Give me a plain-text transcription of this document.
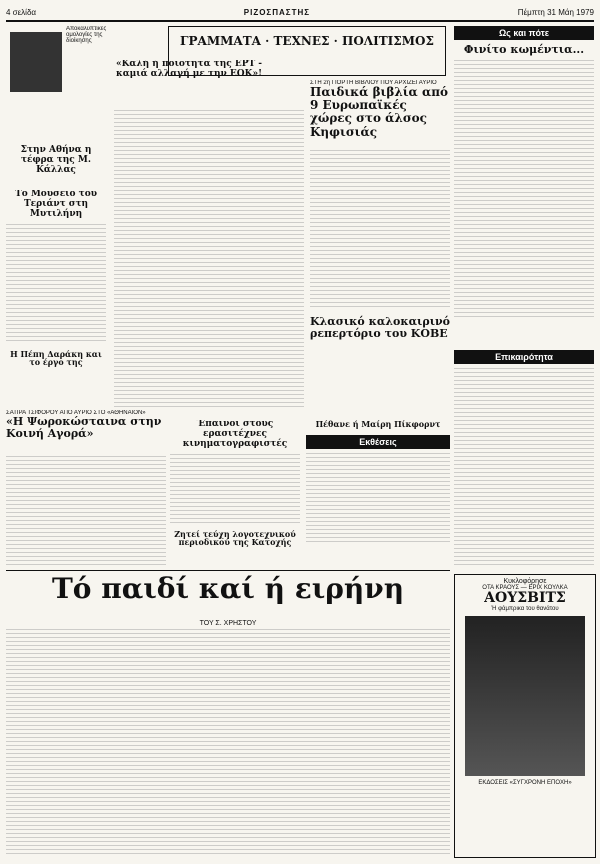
4 σελίδα	ΡΙΖΟΣΠΑΣΤΗΣ	Πέμπτη 31 Μάη 1979
Αποκαλυπτικές ομολογίες της διοίκησης
Στην Αθήνα η τέφρα της Μ. Κάλλας
«Καλή ή ποιότητα της ΕΡΤ - καμιά αλλαγή με την ΕΟΚ»!
ΓΡΑΜΜΑΤΑ · ΤΕΧΝΕΣ · ΠΟΛΙΤΙΣΜΟΣ
ΣΤΗ 2η ΓΙΟΡΤΗ ΒΙΒΛΙΟΥ ΠΟΥ ΑΡΧΙΖΕΙ ΑΥΡΙΟ
Παιδικά βιβλία από 9 Ευρωπαϊκές χώρες στο άλσος Κηφισιάς
Ως και πότε
Φινίτο κωμέντια...
Το Μουσείο του Τεριάντ στη Μυτιλήνη
Η Πέπη Δαράκη και το έργο της
Κλασικό καλοκαιρινό ρεπερτόριο του ΚΟΒΕ
ΣΑΤΙΡΑ ΤΣΙΦΟΡΟΥ ΑΠΟ ΑΥΡΙΟ ΣΤΟ «ΑΘΗΝΑΙΟΝ»
«Η Ψωροκώσταινα στην Κοινή Αγορά»
Έπαινοι στους ερασιτέχνες κινηματογραφιστές
Ζητεί τεύχη λογοτεχνικού περιοδικού της Κατοχής
Πέθανε ή Μαίρη Πίκφορντ
Εκθέσεις
Επικαιρότητα
Τό παιδί καί ή ειρήνη
ΤΟΥ Σ. ΧΡΗΣΤΟΥ
Κυκλοφόρησε
ΟΤΑ ΚΡΑΟΥΣ — ΕΡΙΧ ΚΟΥΛΚΑ
ΑΟΥΣΒΙΤΣ
Ή φάμπρικα του θανάτου
ΕΚΔΟΣΕΙΣ «ΣΥΓΧΡΟΝΗ ΕΠΟΧΗ»
